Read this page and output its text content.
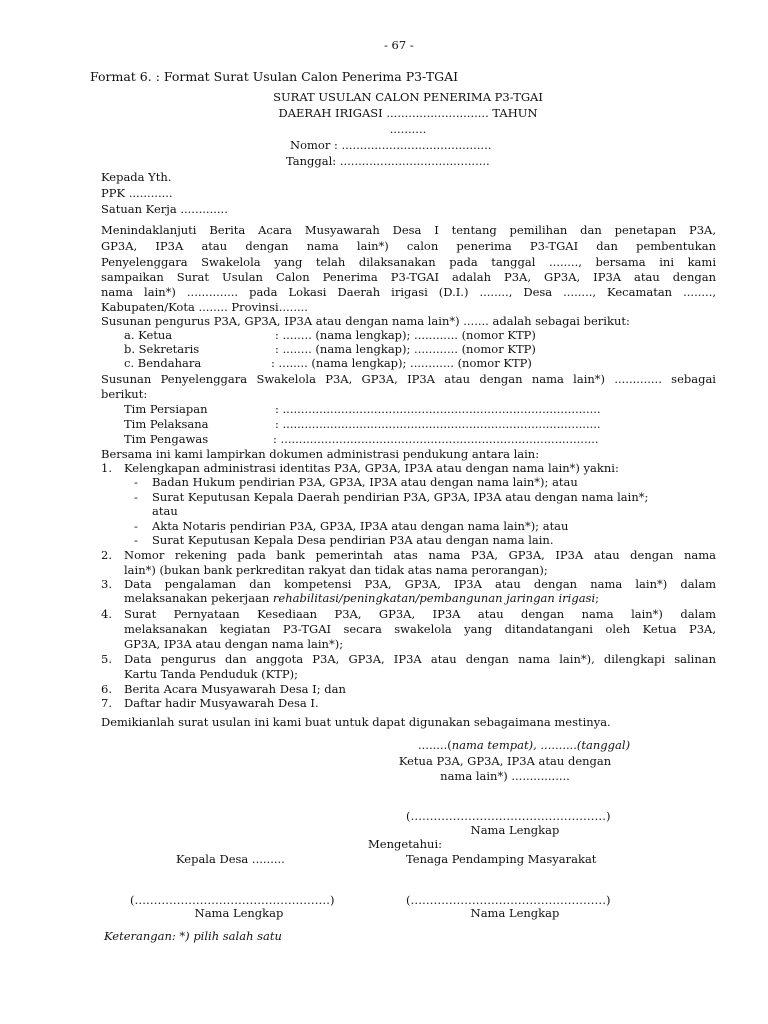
- 67 -
Format 6. : Format Surat Usulan Calon Penerima P3-TGAI
SURAT USULAN CALON PENERIMA P3-TGAI
DAERAH IRIGASI ............................ TAHUN
..........
Nomor : .........................................
Tanggal: .........................................
Kepada Yth.
PPK ............
Satuan Kerja .............
Menindaklanjuti Berita Acara Musyawarah Desa I tentang pemilihan dan penetapan P3A,
GP3A, IP3A atau dengan nama lain*) calon penerima P3-TGAI dan pembentukan
Penyelenggara Swakelola yang telah dilaksanakan pada tanggal ........, bersama ini kami
sampaikan Surat Usulan Calon Penerima P3-TGAI adalah P3A, GP3A, IP3A atau dengan
nama lain*) .............. pada Lokasi Daerah irigasi (D.I.) ........, Desa ........, Kecamatan ........,
Kabupaten/Kota ........ Provinsi........
Susunan pengurus P3A, GP3A, IP3A atau dengan nama lain*) ....... adalah sebagai berikut:
a. Ketua	: ........ (nama lengkap); ............ (nomor KTP)
b. Sekretaris	: ........ (nama lengkap); ............ (nomor KTP)
c. Bendahara	: ........ (nama lengkap); ............ (nomor KTP)
Susunan Penyelenggara Swakelola P3A, GP3A, IP3A atau dengan nama lain*) ............. sebagai
berikut:
Tim Persiapan	: .......................................................................................
Tim Pelaksana	: .......................................................................................
Tim Pengawas	: .......................................................................................
Bersama ini kami lampirkan dokumen administrasi pendukung antara lain:
1. Kelengkapan administrasi identitas P3A, GP3A, IP3A atau dengan nama lain*) yakni:
- Badan Hukum pendirian P3A, GP3A, IP3A atau dengan nama lain*); atau
- Surat Keputusan Kepala Daerah pendirian P3A, GP3A, IP3A atau dengan nama lain*;
atau
- Akta Notaris pendirian P3A, GP3A, IP3A atau dengan nama lain*); atau
- Surat Keputusan Kepala Desa pendirian P3A atau dengan nama lain.
2. Nomor rekening pada bank pemerintah atas nama P3A, GP3A, IP3A atau dengan nama
lain*) (bukan bank perkreditan rakyat dan tidak atas nama perorangan);
3. Data pengalaman dan kompetensi P3A, GP3A, IP3A atau dengan nama lain*) dalam
melaksanakan pekerjaan rehabilitasi/peningkatan/pembangunan jaringan irigasi;
4. Surat Pernyataan Kesediaan P3A, GP3A, IP3A atau dengan nama lain*) dalam
melaksanakan kegiatan P3-TGAI secara swakelola yang ditandatangani oleh Ketua P3A,
GP3A, IP3A atau dengan nama lain*);
5. Data pengurus dan anggota P3A, GP3A, IP3A atau dengan nama lain*), dilengkapi salinan
Kartu Tanda Penduduk (KTP);
6. Berita Acara Musyawarah Desa I; dan
7. Daftar hadir Musyawarah Desa I.
Demikianlah surat usulan ini kami buat untuk dapat digunakan sebagaimana mestinya.
........(nama tempat), ..........(tanggal)
Ketua P3A, GP3A, IP3A atau dengan
nama lain*) ................
(……………………………………………)
Nama Lengkap
Mengetahui:
Kepala Desa .........	Tenaga Pendamping Masyarakat
(……………………………………………)
Nama Lengkap
(……………………………………………)
Nama Lengkap
Keterangan: *) pilih salah satu
